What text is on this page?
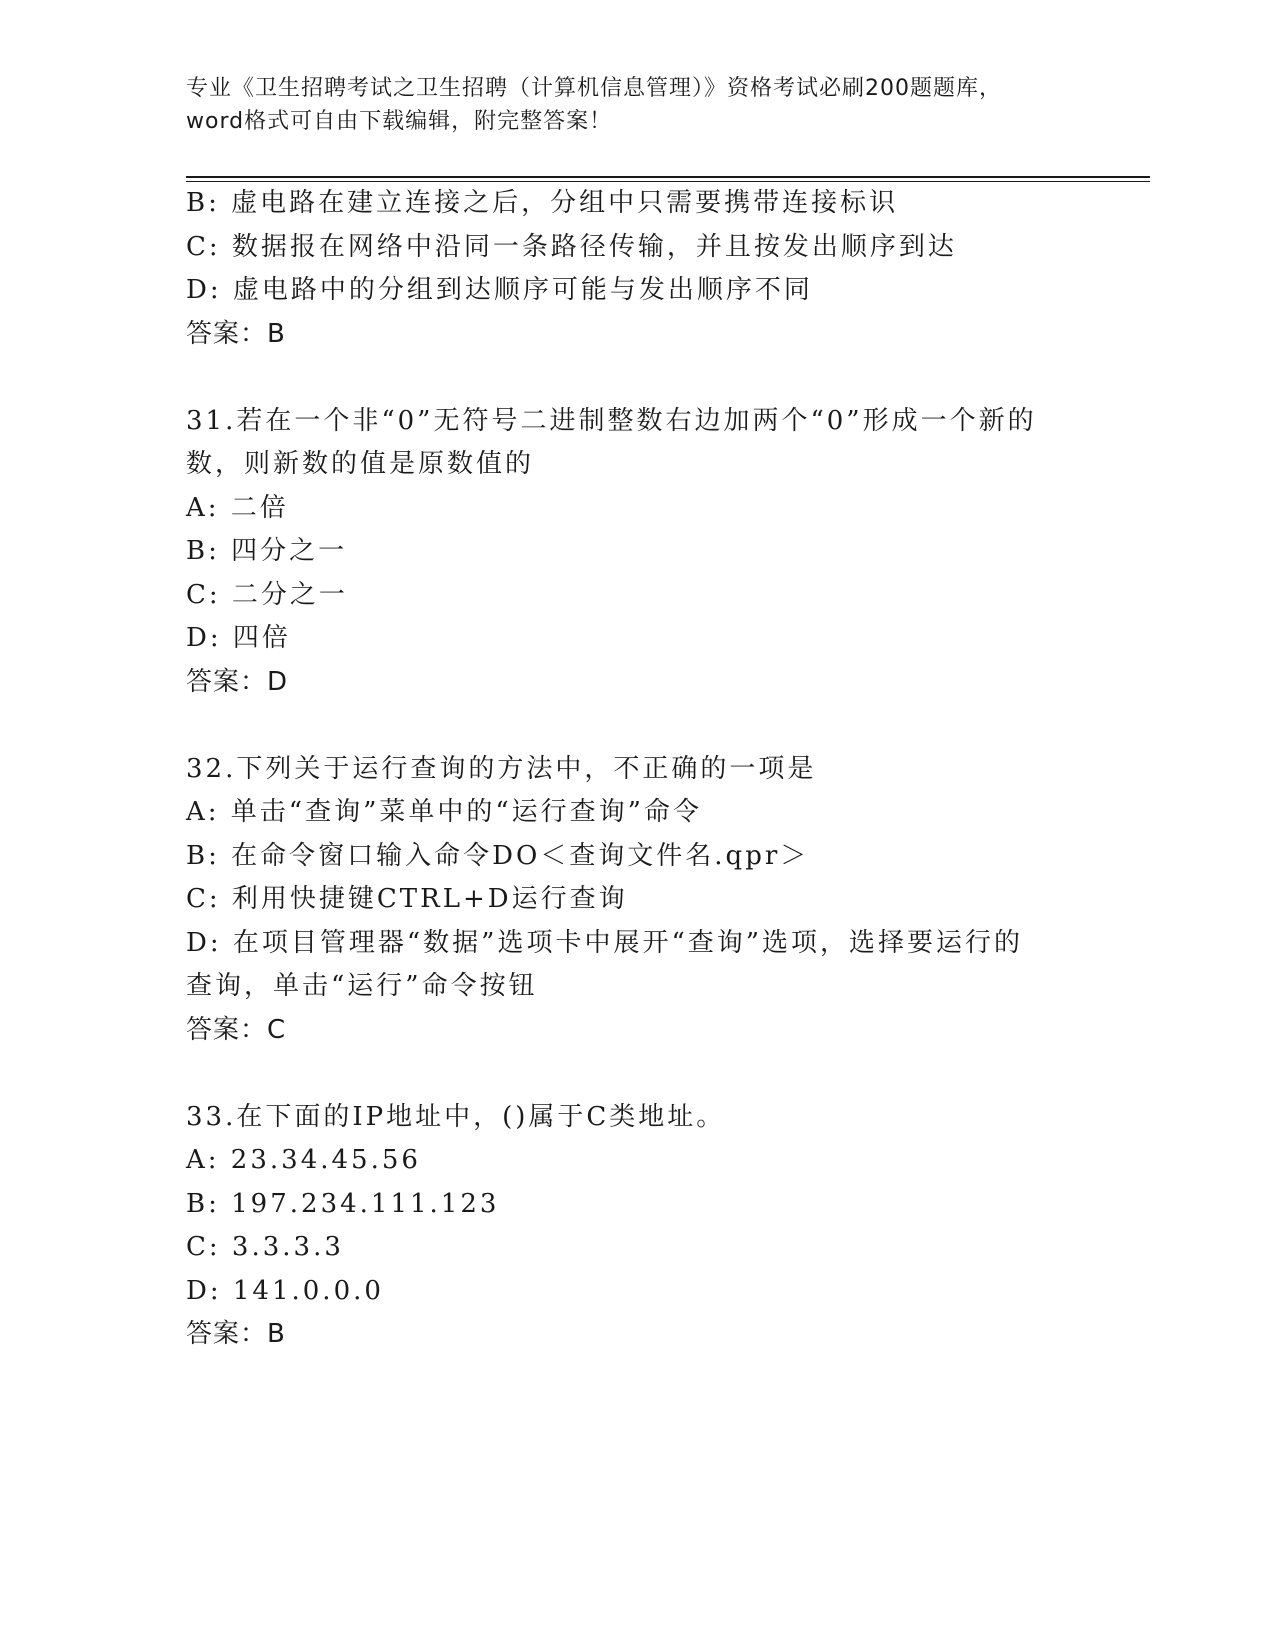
专业《卫生招聘考试之卫生招聘（计算机信息管理）》资格考试必刷200题题库，
word格式可自由下载编辑，附完整答案！
B: 虚电路在建立连接之后，分组中只需要携带连接标识
C: 数据报在网络中沿同一条路径传输，并且按发出顺序到达
D: 虚电路中的分组到达顺序可能与发出顺序不同
答案：B
31.若在一个非“0”无符号二进制整数右边加两个“0”形成一个新的
数，则新数的值是原数值的
A: 二倍
B: 四分之一
C: 二分之一
D: 四倍
答案：D
32.下列关于运行查询的方法中，不正确的一项是
A: 单击“查询”菜单中的“运行查询”命令
B: 在命令窗口输入命令DO＜查询文件名.qpr＞
C: 利用快捷键CTRL+D运行查询
D: 在项目管理器“数据”选项卡中展开“查询”选项，选择要运行的
查询，单击“运行”命令按钮
答案：C
33.在下面的IP地址中，()属于C类地址。
A: 23.34.45.56
B: 197.234.111.123
C: 3.3.3.3
D: 141.0.0.0
答案：B
